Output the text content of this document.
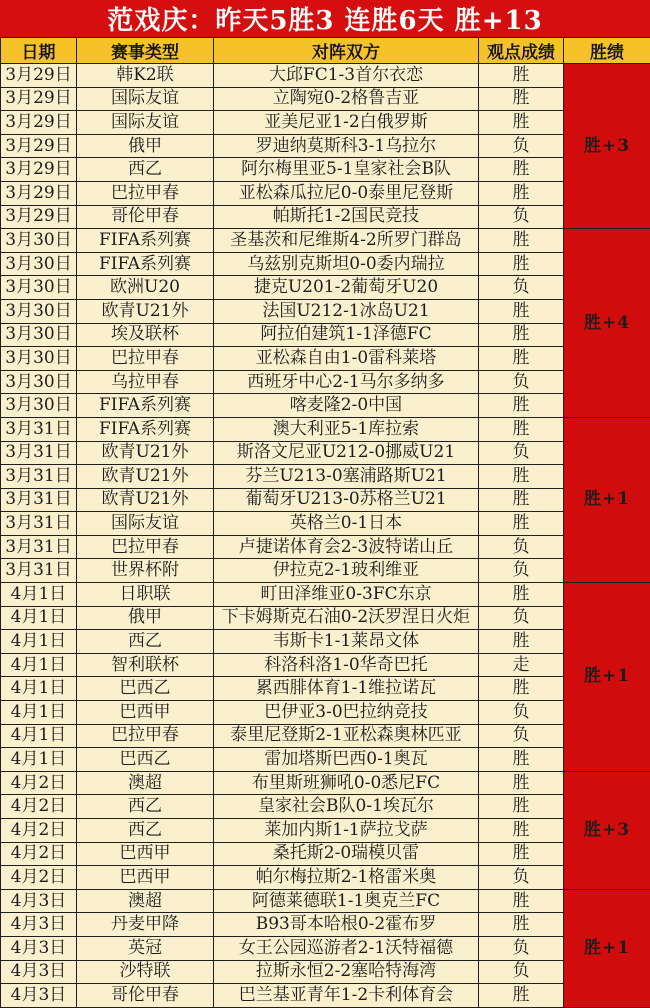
范戏庆：昨天5胜3 连胜6天 胜+13
日期	赛事类型	对阵双方	观点成绩	胜绩
3月29日	韩K2联	大邱FC1-3首尔衣恋	胜	胜+3
3月29日	国际友谊	立陶宛0-2格鲁吉亚	胜	
3月29日	国际友谊	亚美尼亚1-2白俄罗斯	胜	
3月29日	俄甲	罗迪纳莫斯科3-1乌拉尔	负	
3月29日	西乙	阿尔梅里亚5-1皇家社会B队	胜	
3月29日	巴拉甲春	亚松森瓜拉尼0-0泰里尼登斯	胜	
3月29日	哥伦甲春	帕斯托1-2国民竞技	负	
3月30日	FIFA系列赛	圣基茨和尼维斯4-2所罗门群岛	胜	胜+4
3月30日	FIFA系列赛	乌兹别克斯坦0-0委内瑞拉	胜	
3月30日	欧洲U20	捷克U201-2葡萄牙U20	负	
3月30日	欧青U21外	法国U212-1冰岛U21	胜	
3月30日	埃及联杯	阿拉伯建筑1-1泽德FC	胜	
3月30日	巴拉甲春	亚松森自由1-0雷科莱塔	胜	
3月30日	乌拉甲春	西班牙中心2-1马尔多纳多	负	
3月30日	FIFA系列赛	喀麦隆2-0中国	胜	
3月31日	FIFA系列赛	澳大利亚5-1库拉索	胜	胜+1
3月31日	欧青U21外	斯洛文尼亚U212-0挪威U21	负	
3月31日	欧青U21外	芬兰U213-0塞浦路斯U21	胜	
3月31日	欧青U21外	葡萄牙U213-0苏格兰U21	胜	
3月31日	国际友谊	英格兰0-1日本	胜	
3月31日	巴拉甲春	卢捷诺体育会2-3波特诺山丘	负	
3月31日	世界杯附	伊拉克2-1玻利维亚	负	
4月1日	日职联	町田泽维亚0-3FC东京	胜	胜+1
4月1日	俄甲	下卡姆斯克石油0-2沃罗涅日火炬	负	
4月1日	西乙	韦斯卡1-1莱昂文体	胜	
4月1日	智利联杯	科洛科洛1-0华奇巴托	走	
4月1日	巴西乙	累西腓体育1-1维拉诺瓦	胜	
4月1日	巴西甲	巴伊亚3-0巴拉纳竞技	负	
4月1日	巴拉甲春	泰里尼登斯2-1亚松森奥林匹亚	负	
4月1日	巴西乙	雷加塔斯巴西0-1奥瓦	胜	
4月2日	澳超	布里斯班狮吼0-0悉尼FC	胜	胜+3
4月2日	西乙	皇家社会B队0-1埃瓦尔	胜	
4月2日	西乙	莱加内斯1-1萨拉戈萨	胜	
4月2日	巴西甲	桑托斯2-0瑞模贝雷	胜	
4月2日	巴西甲	帕尔梅拉斯2-1格雷米奥	负	
4月3日	澳超	阿德莱德联1-1奥克兰FC	胜	胜+1
4月3日	丹麦甲降	B93哥本哈根0-2霍布罗	胜	
4月3日	英冠	女王公园巡游者2-1沃特福德	负	
4月3日	沙特联	拉斯永恒2-2塞哈特海湾	负	
4月3日	哥伦甲春	巴兰基亚青年1-2卡利体育会	胜	
